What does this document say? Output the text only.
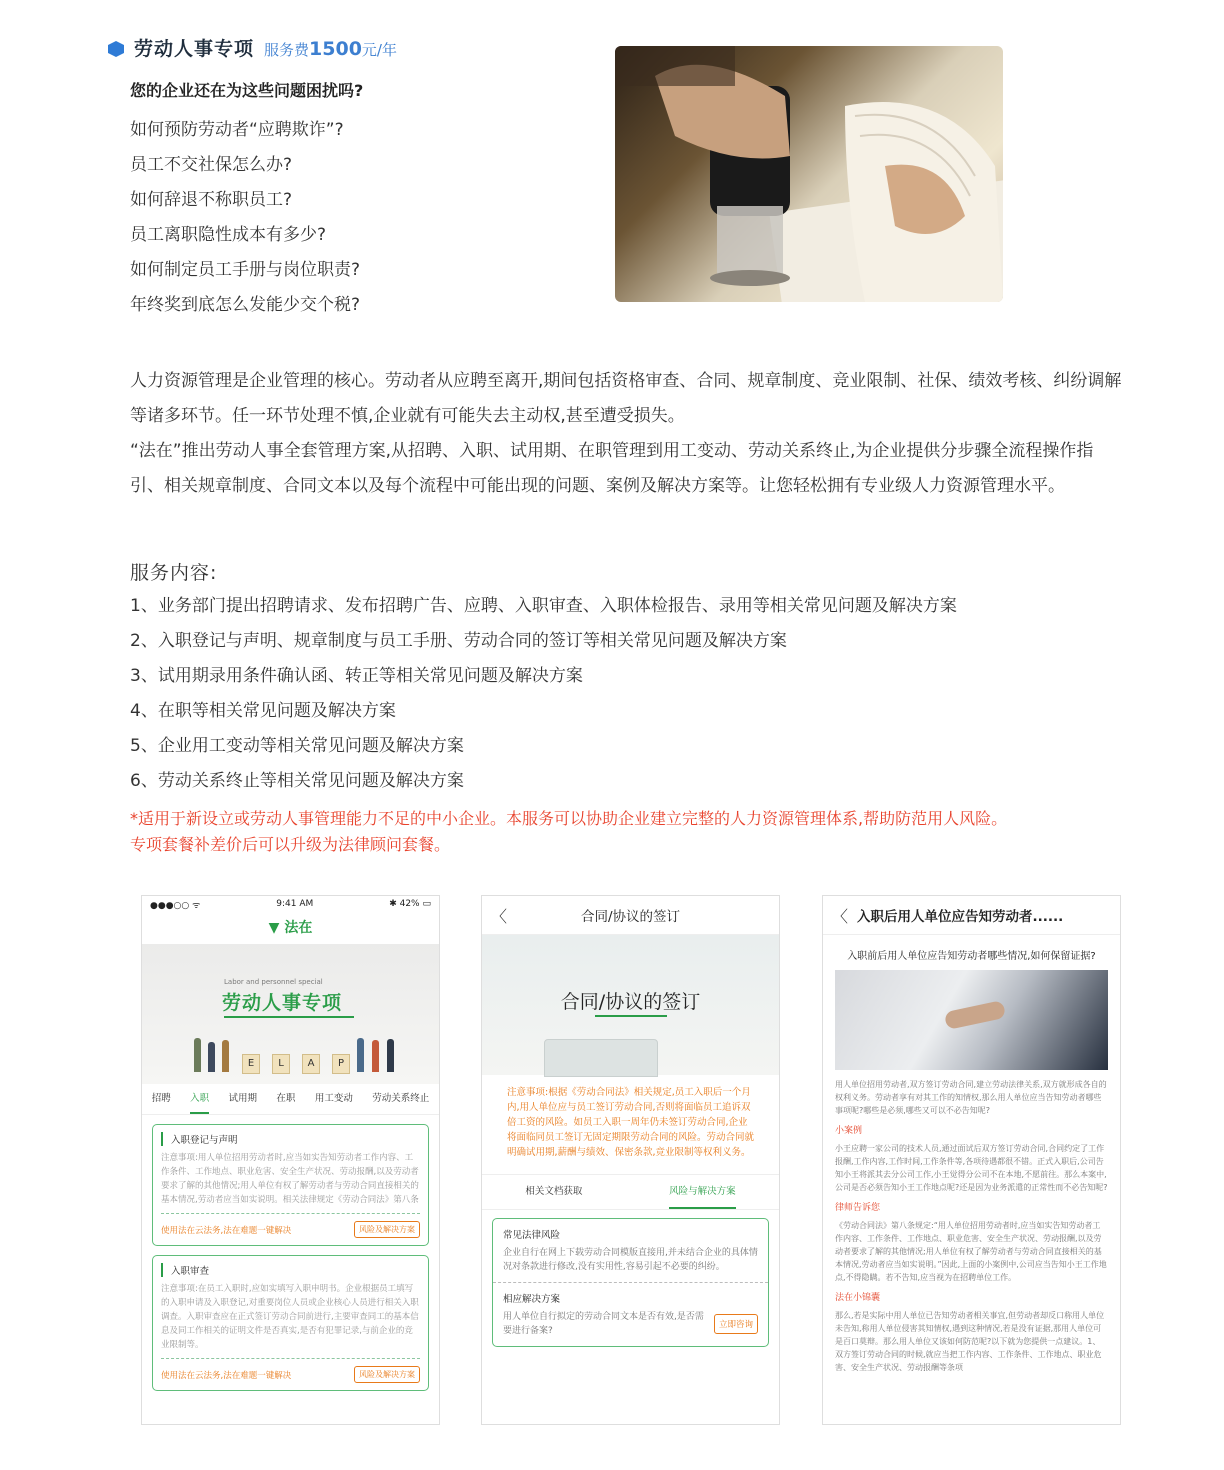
劳动人事专项 服务费1500元/年
您的企业还在为这些问题困扰吗?
如何预防劳动者“应聘欺诈”?
员工不交社保怎么办?
如何辞退不称职员工?
员工离职隐性成本有多少?
如何制定员工手册与岗位职责?
年终奖到底怎么发能少交个税?

人力资源管理是企业管理的核心。劳动者从应聘至离开,期间包括资格审查、合同、规章制度、竞业限制、社保、绩效考核、纠纷调解等诸多环节。任一环节处理不慎,企业就有可能失去主动权,甚至遭受损失。

“法在”推出劳动人事全套管理方案,从招聘、入职、试用期、在职管理到用工变动、劳动关系终止,为企业提供分步骤全流程操作指引、相关规章制度、合同文本以及每个流程中可能出现的问题、案例及解决方案等。让您轻松拥有专业级人力资源管理水平。

服务内容:
1、业务部门提出招聘请求、发布招聘广告、应聘、入职审查、入职体检报告、录用等相关常见问题及解决方案
2、入职登记与声明、规章制度与员工手册、劳动合同的签订等相关常见问题及解决方案
3、试用期录用条件确认函、转正等相关常见问题及解决方案
4、在职等相关常见问题及解决方案
5、企业用工变动等相关常见问题及解决方案
6、劳动关系终止等相关常见问题及解决方案
*适用于新设立或劳动人事管理能力不足的中小企业。本服务可以协助企业建立完整的人力资源管理体系,帮助防范用人风险。
专项套餐补差价后可以升级为法律顾问套餐。
●●●○○ ᯤ	9:41 AM	✱ 42% ▭
▼ 法在
Labor and personnel special
劳动人事专项
E	L	A	P
招聘 入职 试用期 在职 用工变动 劳动关系终止
入职登记与声明
注意事项:用人单位招用劳动者时,应当如实告知劳动者工作内容、工作条件、工作地点、职业危害、安全生产状况、劳动报酬,以及劳动者要求了解的其他情况;用人单位有权了解劳动者与劳动合同直接相关的基本情况,劳动者应当如实说明。相关法律规定《劳动合同法》第八条
使用法在云法务,法在难题一键解决	风险及解决方案
入职审查
注意事项:在员工入职时,应如实填写入职申明书。企业根据员工填写的入职申请及入职登记,对重要岗位人员或企业核心人员进行相关入职调查。入职审查应在正式签订劳动合同前进行,主要审查同工的基本信息及同工作相关的证明文件是否真实,是否有犯罪记录,与前企业的竞业限制等。
使用法在云法务,法在难题一键解决	风险及解决方案
〈	合同/协议的签订
合同/协议的签订
注意事项:根据《劳动合同法》相关规定,员工入职后一个月内,用人单位应与员工签订劳动合同,否则将面临员工追诉双倍工资的风险。如员工入职一周年仍未签订劳动合同,企业将面临同员工签订无固定期限劳动合同的风险。劳动合同就明确试用期,薪酬与绩效、保密条款,竞业限制等权利义务。
相关文档获取	风险与解决方案
常见法律风险
企业自行在网上下载劳动合同模版直接用,并未结合企业的具体情况对条款进行修改,没有实用性,容易引起不必要的纠纷。
相应解决方案
用人单位自行拟定的劳动合同文本是否有效,是否需要进行备案?
立即咨询
〈 入职后用人单位应告知劳动者......
入职前后用人单位应告知劳动者哪些情况,如何保留证据?
用人单位招用劳动者,双方签订劳动合同,建立劳动法律关系,双方就形成各自的权利义务。劳动者享有对其工作的知情权,那么用人单位应当告知劳动者哪些事项呢?哪些是必须,哪些又可以不必告知呢?
小案例
小王应聘一家公司的技术人员,通过面试后双方签订劳动合同,合同约定了工作报酬,工作内容,工作时间,工作条件等,各项待遇都很不错。正式入职后,公司告知小王将派其去分公司工作,小王觉得分公司不在本地,不愿前往。那么本案中,公司是否必须告知小王工作地点呢?还是因为业务派遣的正常性而不必告知呢?
律师告诉您
《劳动合同法》第八条规定:“用人单位招用劳动者时,应当如实告知劳动者工作内容、工作条件、工作地点、职业危害、安全生产状况、劳动报酬,以及劳动者要求了解的其他情况;用人单位有权了解劳动者与劳动合同直接相关的基本情况,劳动者应当如实说明。”因此,上面的小案例中,公司应当告知小王工作地点,不得隐瞒。若不告知,应当视为在招聘单位工作。
法在小锦囊
那么,若是实际中用人单位已告知劳动者相关事宜,但劳动者却反口称用人单位未告知,称用人单位侵害其知情权,遇到这种情况,若是没有证据,那用人单位可是百口莫辩。那么用人单位又该如何防范呢?以下就为您提供一点建议。1、双方签订劳动合同的时候,就应当把工作内容、工作条件、工作地点、职业危害、安全生产状况、劳动报酬等条项
